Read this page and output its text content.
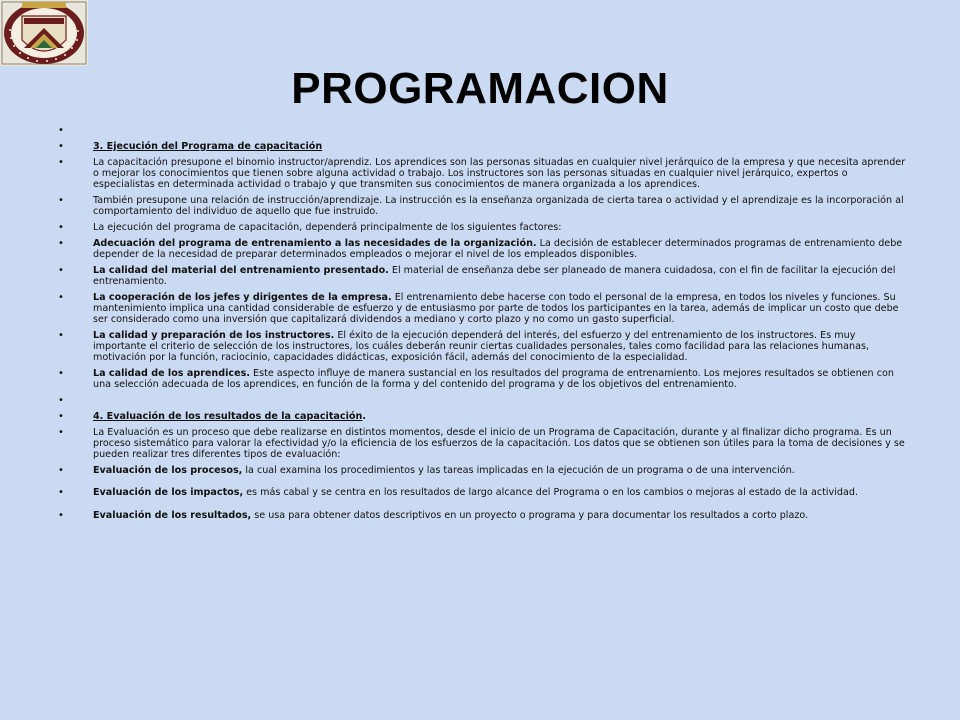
PROGRAMACION
•
• 3. Ejecución del Programa de capacitación
• La capacitación presupone el binomio instructor/aprendiz. Los aprendices son las personas situadas en cualquier nivel jerárquico de la empresa y que necesita aprender o mejorar los conocimientos que tienen sobre alguna actividad o trabajo. Los instructores son las personas situadas en cualquier nivel jerárquico, expertos o especialistas en determinada actividad o trabajo y que transmiten sus conocimientos de manera organizada a los aprendices.
• También presupone una relación de instrucción/aprendizaje. La instrucción es la enseñanza organizada de cierta tarea o actividad y el aprendizaje es la incorporación al comportamiento del individuo de aquello que fue instruido.
• La ejecución del programa de capacitación, dependerá principalmente de los siguientes factores:
• Adecuación del programa de entrenamiento a las necesidades de la organización. La decisión de establecer determinados programas de entrenamiento debe depender de la necesidad de preparar determinados empleados o mejorar el nivel de los empleados disponibles.
• La calidad del material del entrenamiento presentado. El material de enseñanza debe ser planeado de manera cuidadosa, con el fin de facilitar la ejecución del entrenamiento.
• La cooperación de los jefes y dirigentes de la empresa. El entrenamiento debe hacerse con todo el personal de la empresa, en todos los niveles y funciones. Su mantenimiento implica una cantidad considerable de esfuerzo y de entusiasmo por parte de todos los participantes en la tarea, además de implicar un costo que debe ser considerado como una inversión que capitalizará dividendos a mediano y corto plazo y no como un gasto superficial.
• La calidad y preparación de los instructores. El éxito de la ejecución dependerá del interés, del esfuerzo y del entrenamiento de los instructores. Es muy importante el criterio de selección de los instructores, los cuáles deberán reunir ciertas cualidades personales, tales como facilidad para las relaciones humanas, motivación por la función, raciocinio, capacidades didácticas, exposición fácil, además del conocimiento de la especialidad.
• La calidad de los aprendices. Este aspecto influye de manera sustancial en los resultados del programa de entrenamiento. Los mejores resultados se obtienen con una selección adecuada de los aprendices, en función de la forma y del contenido del programa y de los objetivos del entrenamiento.
•
• 4. Evaluación de los resultados de la capacitación.
• La Evaluación es un proceso que debe realizarse en distintos momentos, desde el inicio de un Programa de Capacitación, durante y al finalizar dicho programa. Es un proceso sistemático para valorar la efectividad y/o la eficiencia de los esfuerzos de la capacitación. Los datos que se obtienen son útiles para la toma de decisiones y se pueden realizar tres diferentes tipos de evaluación:
• Evaluación de los procesos, la cual examina los procedimientos y las tareas implicadas en la ejecución de un programa o de una intervención.
• Evaluación de los impactos, es más cabal y se centra en los resultados de largo alcance del Programa o en los cambios o mejoras al estado de la actividad.
• Evaluación de los resultados, se usa para obtener datos descriptivos en un proyecto o programa y para documentar los resultados a corto plazo.
